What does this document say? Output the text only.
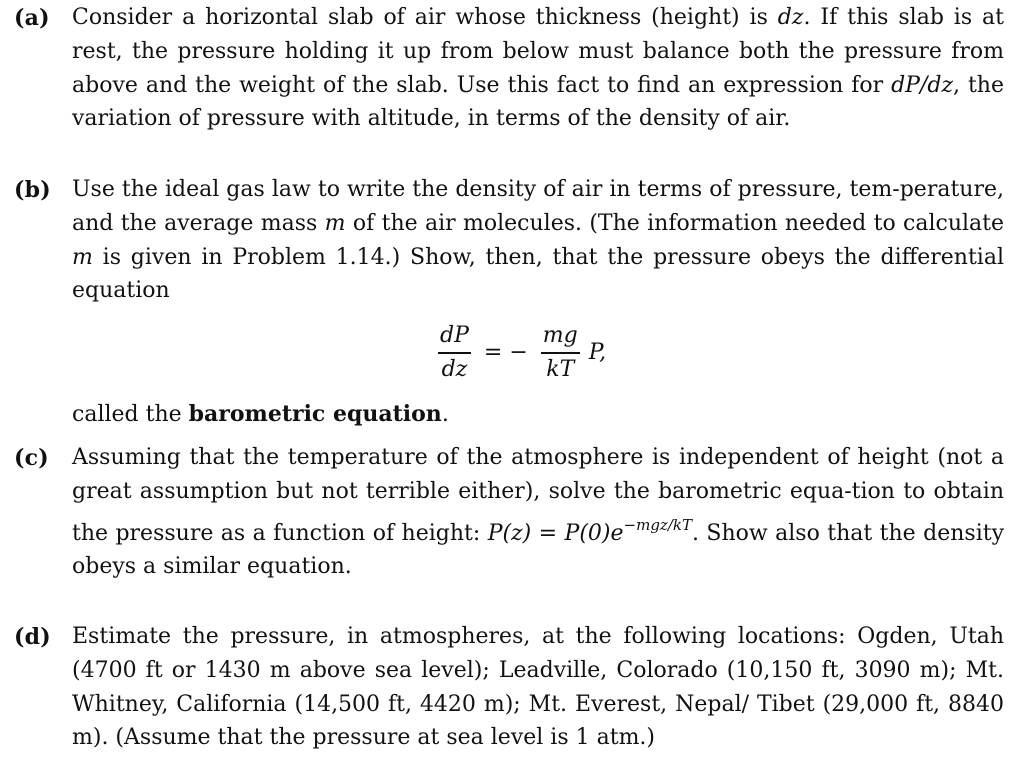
(a) Consider a horizontal slab of air whose thickness (height) is dz. If this slab is at rest, the pressure holding it up from below must balance both the pressure from above and the weight of the slab. Use this fact to find an expression for dP/dz, the variation of pressure with altitude, in terms of the density of air.
(b) Use the ideal gas law to write the density of air in terms of pressure, tem-perature, and the average mass m of the air molecules. (The information needed to calculate m is given in Problem 1.14.) Show, then, that the pressure obeys the differential equation
$\frac{dP}{dz}$ = − $\frac{mg}{kT} P$,
called the barometric equation.
(c) Assuming that the temperature of the atmosphere is independent of height (not a great assumption but not terrible either), solve the barometric equa-tion to obtain the pressure as a function of height: $P(z) = P(0)e^{-mgz/kT}$. Show also that the density obeys a similar equation.
(d) Estimate the pressure, in atmospheres, at the following locations: Ogden, Utah (4700 ft or 1430 m above sea level); Leadville, Colorado (10,150 ft, 3090 m); Mt. Whitney, California (14,500 ft, 4420 m); Mt. Everest, Nepal/ Tibet (29,000 ft, 8840 m). (Assume that the pressure at sea level is 1 atm.)
